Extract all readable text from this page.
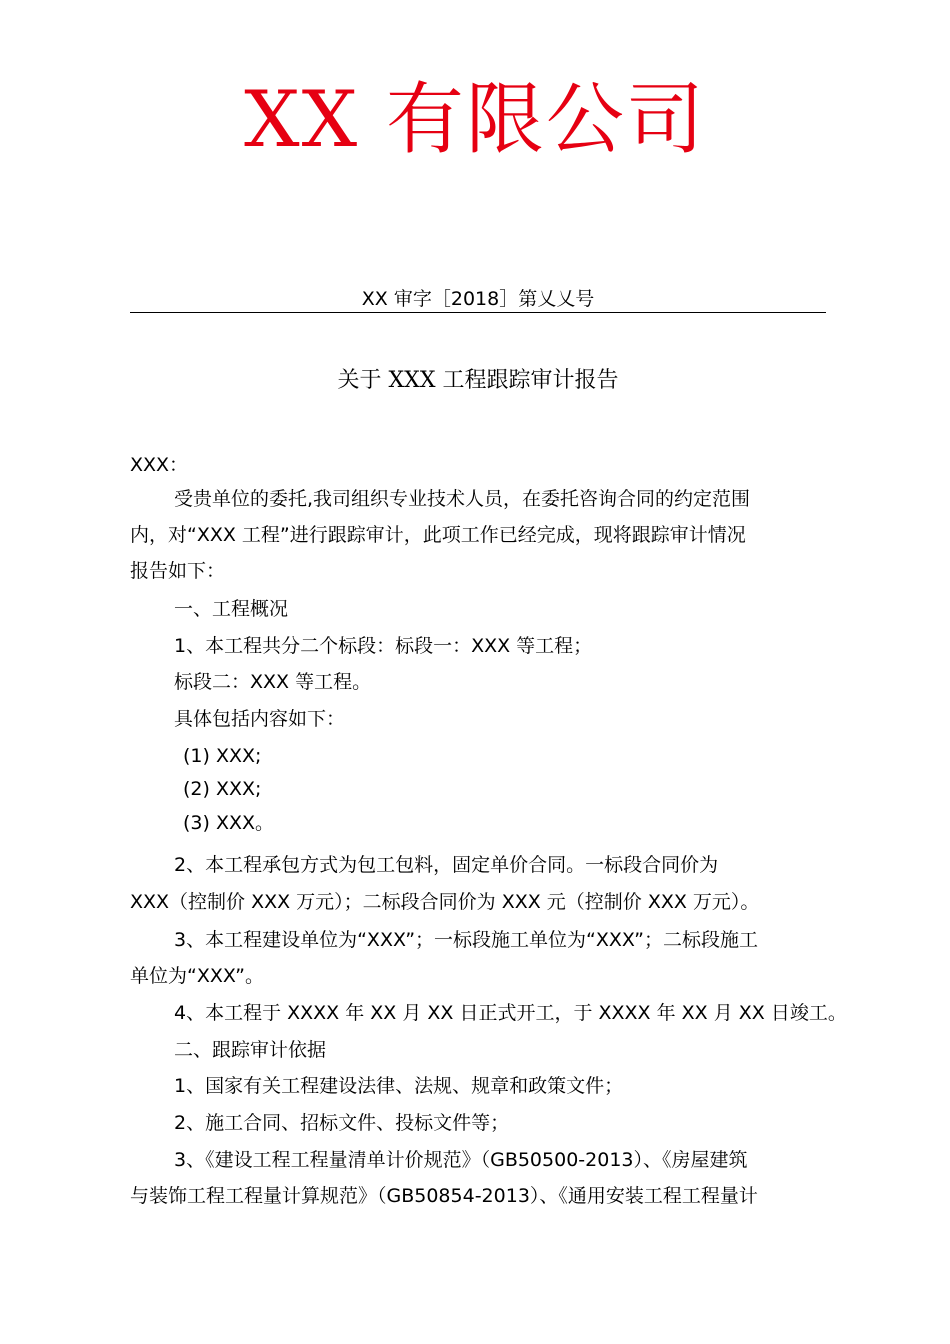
XX 有限公司
XX 审字［2018］第乂乂号
关于 XXX 工程跟踪审计报告
XXX：
受贵单位的委托,我司组织专业技术人员，在委托咨询合同的约定范围
内，对“XXX 工程”进行跟踪审计，此项工作已经完成，现将跟踪审计情况
报告如下：
一、工程概况
1、本工程共分二个标段：标段一：XXX 等工程；
标段二：XXX 等工程。
具体包括内容如下：
(1) XXX;
(2) XXX;
(3) XXX。
2、本工程承包方式为包工包料，固定单价合同。一标段合同价为
XXX（控制价 XXX 万元）；二标段合同价为 XXX 元（控制价 XXX 万元）。
3、本工程建设单位为“XXX”；一标段施工单位为“XXX”；二标段施工
单位为“XXX”。
4、本工程于 XXXX 年 XX 月 XX 日正式开工，于 XXXX 年 XX 月 XX 日竣工。
二、跟踪审计依据
1、国家有关工程建设法律、法规、规章和政策文件；
2、施工合同、招标文件、投标文件等；
3、《建设工程工程量清单计价规范》（GB50500-2013）、《房屋建筑
与装饰工程工程量计算规范》（GB50854-2013）、《通用安装工程工程量计
